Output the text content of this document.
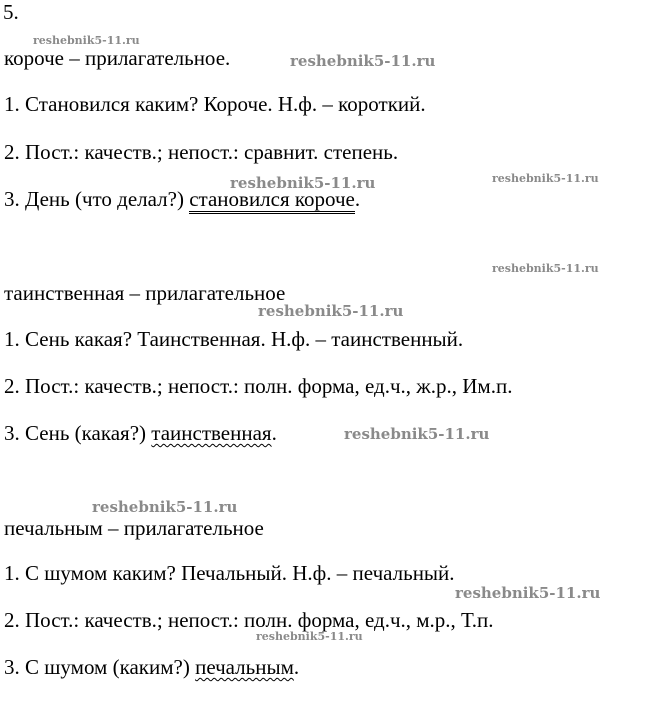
5.
короче – прилагательное.
1. Становился каким? Короче. Н.ф. – короткий.
2. Пост.: качеств.; непост.: сравнит. степень.
3. День (что делал?) становился короче.
таинственная – прилагательное
1. Сень какая? Таинственная. Н.ф. – таинственный.
2. Пост.: качеств.; непост.: полн. форма, ед.ч., ж.р., Им.п.
3. Сень (какая?) таинственная.
печальным – прилагательное
1. С шумом каким? Печальный. Н.ф. – печальный.
2. Пост.: качеств.; непост.: полн. форма, ед.ч., м.р., Т.п.
3. С шумом (каким?) печальным.
reshebnik5-11.ru
reshebnik5-11.ru
reshebnik5-11.ru	reshebnik5-11.ru
reshebnik5-11.ru
reshebnik5-11.ru
reshebnik5-11.ru
reshebnik5-11.ru
reshebnik5-11.ru
reshebnik5-11.ru
